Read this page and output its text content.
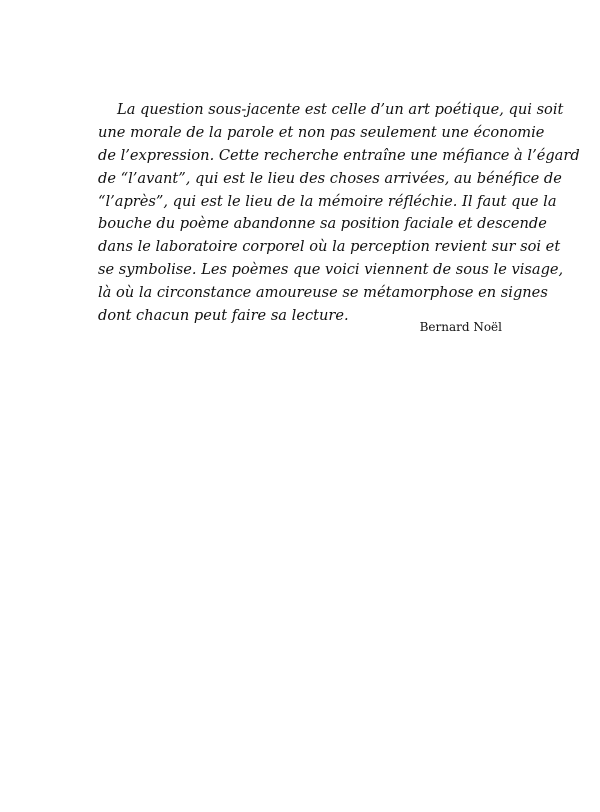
La question sous-jacente est celle d’un art poétique, qui soit
une morale de la parole et non pas seulement une économie
de l’expression. Cette recherche entraîne une méfiance à l’égard
de “l’avant”, qui est le lieu des choses arrivées, au bénéfice de
“l’après”, qui est le lieu de la mémoire réfléchie. Il faut que la
bouche du poème abandonne sa position faciale et descende
dans le laboratoire corporel où la perception revient sur soi et
se symbolise. Les poèmes que voici viennent de sous le visage,
là où la circonstance amoureuse se métamorphose en signes
dont chacun peut faire sa lecture.
Bernard Noël
